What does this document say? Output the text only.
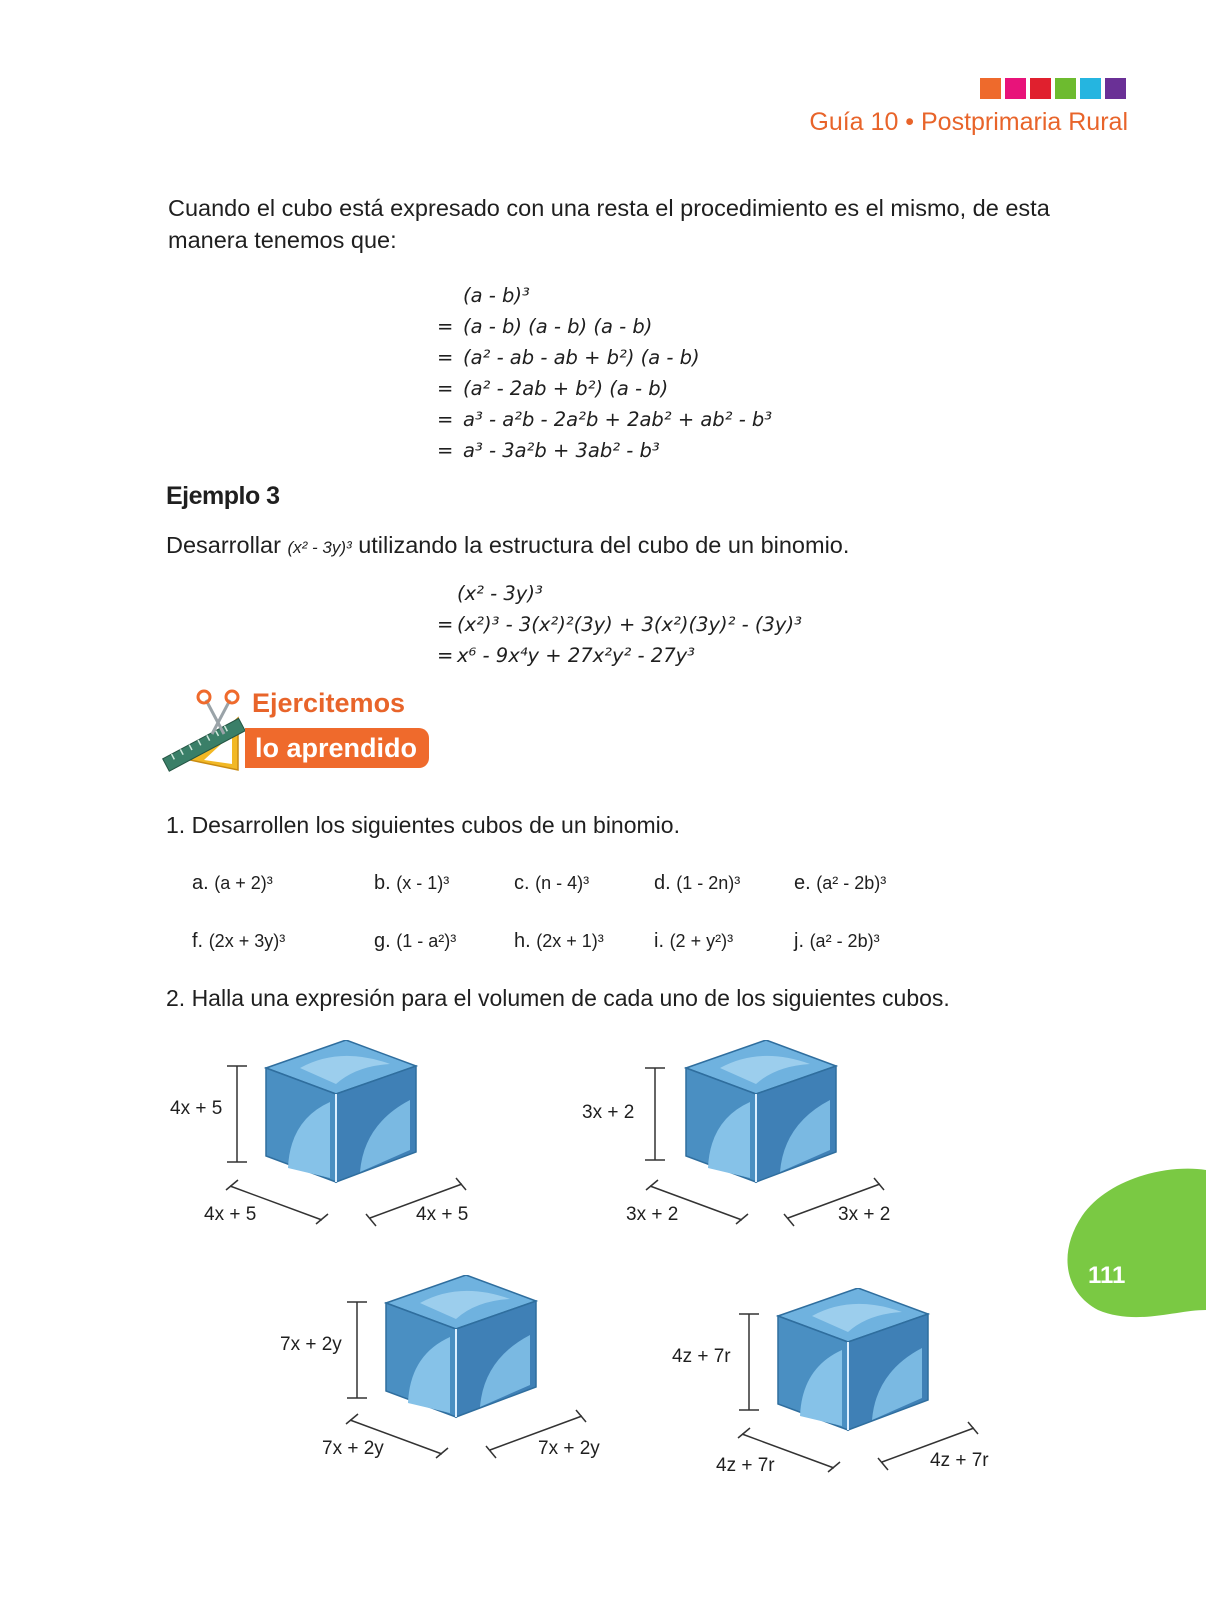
Guía 10 • Postprimaria Rural
Cuando el cubo está expresado con una resta el procedimiento es el mismo, de esta manera tenemos que:
(a - b)³
= (a - b) (a - b) (a - b)
= (a² - ab - ab + b²) (a - b)
= (a² - 2ab + b²) (a - b)
= a³ - a²b - 2a²b + 2ab² + ab² - b³
= a³ - 3a²b + 3ab² - b³
Ejemplo 3
Desarrollar (x² - 3y)³ utilizando la estructura del cubo de un binomio.
(x² - 3y)³
= (x²)³ - 3(x²)²(3y) + 3(x²)(3y)² - (3y)³
= x⁶ - 9x⁴y + 27x²y² - 27y³
Ejercitemos
lo aprendido
1. Desarrollen los siguientes cubos de un binomio.
a. (a + 2)³	b. (x - 1)³	c. (n - 4)³	d. (1 - 2n)³	e. (a² - 2b)³
f. (2x + 3y)³	g. (1 - a²)³	h. (2x + 1)³	i. (2 + y²)³	j. (a² - 2b)³
2. Halla una expresión para el volumen de cada uno de los siguientes cubos.
4x + 5
4x + 5	4x + 5
3x + 2
3x + 2	3x + 2
7x + 2y
7x + 2y	7x + 2y
4z + 7r
4z + 7r	4z + 7r
111
